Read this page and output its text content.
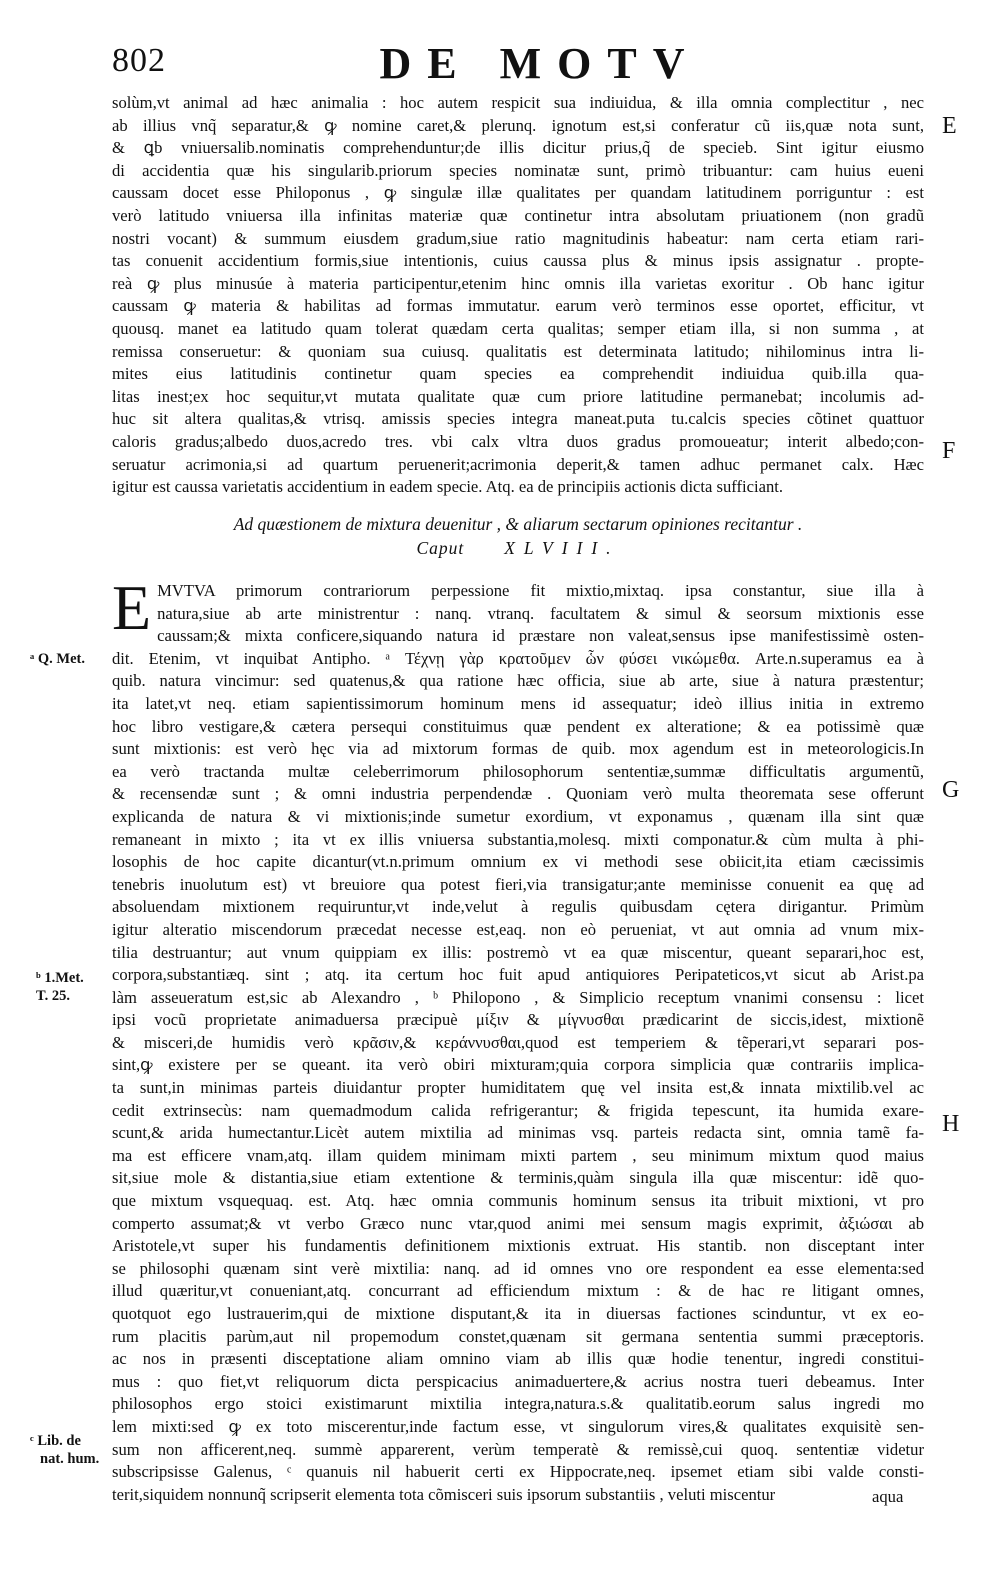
802	DE MOTV
solùm,vt animal ad hæc animalia : hoc autem respicit sua indiuidua, & illa omnia complectitur , nec
ab illius vnq̃ separatur,& ꝙ nomine caret,& plerunq. ignotum est,si conferatur cũ iis,quæ nota sunt,
& ꝗb vniuersalib.nominatis comprehenduntur;de illis dicitur prius,q̃ de specieb. Sint igitur eiusmo
di accidentia quæ his singularib.priorum species nominatæ sunt, primò tribuantur: cam huius eueni
caussam docet esse Philoponus , ꝙ singulæ illæ qualitates per quandam latitudinem porriguntur : est
verò latitudo vniuersa illa infinitas materiæ quæ continetur intra absolutam priuationem (non gradũ
nostri vocant) & summum eiusdem gradum,siue ratio magnitudinis habeatur: nam certa etiam rari-
tas conuenit accidentium formis,siue intentionis, cuius caussa plus & minus ipsis assignatur . propte-
reà ꝙ plus minusúe à materia participentur,etenim hinc omnis illa varietas exoritur . Ob hanc igitur
caussam ꝙ materia & habilitas ad formas immutatur. earum verò terminos esse oportet, efficitur, vt
quousq. manet ea latitudo quam tolerat quædam certa qualitas; semper etiam illa, si non summa , at
remissa conseruetur: & quoniam sua cuiusq. qualitatis est determinata latitudo; nihilominus intra li-
mites eius latitudinis continetur quam species ea comprehendit indiuidua quib.illa qua-
litas inest;ex hoc sequitur,vt mutata qualitate quæ cum priore latitudine permanebat; incolumis ad-
huc sit altera qualitas,& vtrisq. amissis species integra maneat.puta tu.calcis species cõtinet quattuor
caloris gradus;albedo duos,acredo tres. vbi calx vltra duos gradus promoueatur; interit albedo;con-
seruatur acrimonia,si ad quartum peruenerit;acrimonia deperit,& tamen adhuc permanet calx. Hæc
igitur est caussa varietatis accidentium in eadem specie. Atq. ea de principiis actionis dicta sufficiant.
Ad quæstionem de mixtura deuenitur , & aliarum sectarum opiniones recitantur .
Caput XLVIII.
E MVTVA primorum contrariorum perpessione fit mixtio,mixtaq. ipsa constantur, siue illa à
natura,siue ab arte ministrentur : nanq. vtranq. facultatem & simul & seorsum mixtionis esse
caussam;& mixta conficere,siquando natura id præstare non valeat,sensus ipse manifestissimè osten-
dit. Etenim, vt inquibat Antipho. ᵃ Τέχνῃ γὰρ κρατοῦμεν ὧν φύσει νικώμεθα. Arte.n.superamus ea à
quib. natura vincimur: sed quatenus,& qua ratione hæc officia, siue ab arte, siue à natura præstentur;
ita latet,vt neq. etiam sapientissimorum hominum mens id assequatur; ideò illius initia in extremo
hoc libro vestigare,& cætera persequi constituimus quæ pendent ex alteratione; & ea potissimè quæ
sunt mixtionis: est verò hęc via ad mixtorum formas de quib. mox agendum est in meteorologicis.In
ea verò tractanda multæ celeberrimorum philosophorum sententiæ,summæ difficultatis argumentũ,
& recensendæ sunt ; & omni industria perpendendæ . Quoniam verò multa theoremata sese offerunt
explicanda de natura & vi mixtionis;inde sumetur exordium, vt exponamus , quænam illa sint quæ
remaneant in mixto ; ita vt ex illis vniuersa substantia,molesq. mixti componatur.& cùm multa à phi-
losophis de hoc capite dicantur(vt.n.primum omnium ex vi methodi sese obiicit,ita etiam cæcissimis
tenebris inuolutum est) vt breuiore qua potest fieri,via transigatur;ante meminisse conuenit ea quę ad
absoluendam mixtionem requiruntur,vt inde,velut à regulis quibusdam cętera dirigantur. Primùm
igitur alteratio miscendorum præcedat necesse est,eaq. non eò perueniat, vt aut omnia ad vnum mix-
tilia destruantur; aut vnum quippiam ex illis: postremò vt ea quæ miscentur, queant separari,hoc est,
corpora,substantiæq. sint ; atq. ita certum hoc fuit apud antiquiores Peripateticos,vt sicut ab Arist.pa
làm asseueratum est,sic ab Alexandro , ᵇ Philopono , & Simplicio receptum vnanimi consensu : licet
ipsi vocũ proprietate animaduersa præcipuè μίξιν & μίγνυσθαι prædicarint de siccis,idest, mixtionẽ
& misceri,de humidis verò κρᾶσιν,& κεράννυσθαι,quod est temperiem & tẽperari,vt separari pos-
sint,ꝙ existere per se queant. ita verò obiri mixturam;quia corpora simplicia quæ contrariis implica-
ta sunt,in minimas parteis diuidantur propter humiditatem quę vel insita est,& innata mixtilib.vel ac
cedit extrinsecùs: nam quemadmodum calida refrigerantur; & frigida tepescunt, ita humida exare-
scunt,& arida humectantur.Licèt autem mixtilia ad minimas vsq. parteis redacta sint, omnia tamẽ fa-
ma est efficere vnam,atq. illam quidem minimam mixti partem , seu minimum mixtum quod maius
sit,siue mole & distantia,siue etiam extentione & terminis,quàm singula illa quæ miscentur: idẽ quo-
que mixtum vsquequaq. est. Atq. hæc omnia communis hominum sensus ita tribuit mixtioni, vt pro
comperto assumat;& vt verbo Græco nunc vtar,quod animi mei sensum magis exprimit, ἀξιώσαι ab
Aristotele,vt super his fundamentis definitionem mixtionis extruat. His stantib. non disceptant inter
se philosophi quænam sint verè mixtilia: nanq. ad id omnes vno ore respondent ea esse elementa:sed
illud quæritur,vt conueniant,atq. concurrant ad efficiendum mixtum : & de hac re litigant omnes,
quotquot ego lustrauerim,qui de mixtione disputant,& ita in diuersas factiones scinduntur, vt ex eo-
rum placitis parùm,aut nil propemodum constet,quænam sit germana sententia summi præceptoris.
ac nos in præsenti disceptatione aliam omnino viam ab illis quæ hodie tenentur, ingredi constitui-
mus : quo fiet,vt reliquorum dicta perspicacius animaduertere,& acrius nostra tueri debeamus. Inter
philosophos ergo stoici existimarunt mixtilia integra,natura.s.& qualitatib.eorum salus ingredi mo
lem mixti:sed ꝙ ex toto miscerentur,inde factum esse, vt singulorum vires,& qualitates exquisitè sen-
sum non afficerent,neq. summè apparerent, verùm temperatè & remissè,cui quoq. sententiæ videtur
subscripsisse Galenus, ᶜ quanuis nil habuerit certi ex Hippocrate,neq. ipsemet etiam sibi valde consti-
terit,siquidem nonnunq̃ scripserit elementa tota cõmisceri suis ipsorum substantiis , veluti miscentur
ᵃ Q. Met.
ᵇ 1.Met.
T. 25.
ᶜ Lib. de
nat. hum.
E
F
G
H
aqua
